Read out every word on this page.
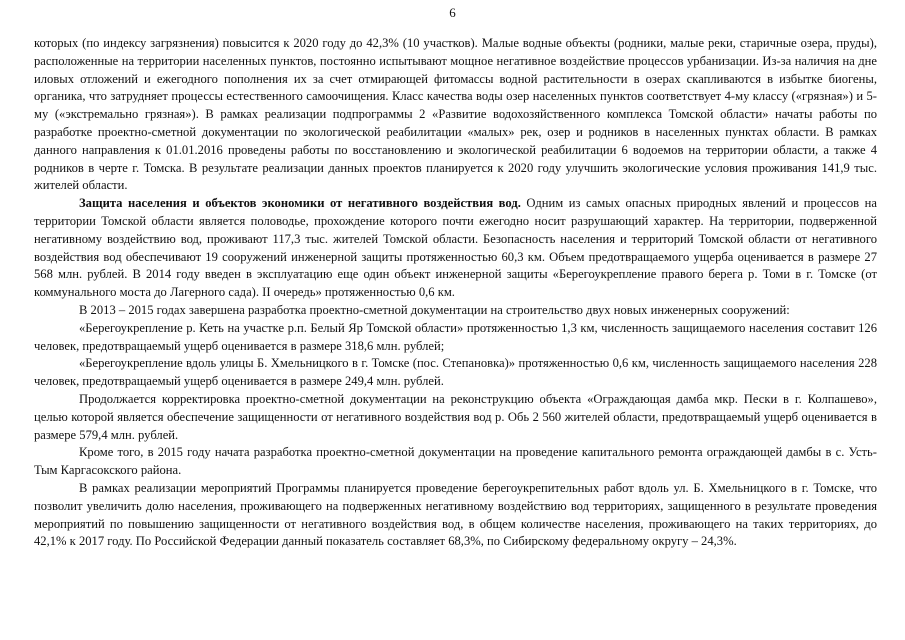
6

которых (по индексу загрязнения) повысится к 2020 году до 42,3% (10 участков). Малые водные объекты (родники, малые реки, старичные озера, пруды), расположенные на территории населенных пунктов, постоянно испытывают мощное негативное воздействие процессов урбанизации. Из-за наличия на дне иловых отложений и ежегодного пополнения их за счет отмирающей фитомассы водной растительности в озерах скапливаются в избытке биогены, органика, что затрудняет процессы естественного самоочищения. Класс качества воды озер населенных пунктов соответствует 4-му классу («грязная») и 5-му («экстремально грязная»). В рамках реализации подпрограммы 2 «Развитие водохозяйственного комплекса Томской области» начаты работы по разработке проектно-сметной документации по экологической реабилитации «малых» рек, озер и родников в населенных пунктах области. В рамках данного направления к 01.01.2016 проведены работы по восстановлению и экологической реабилитации 6 водоемов на территории области, а также 4 родников в черте г. Томска. В результате реализации данных проектов планируется к 2020 году улучшить экологические условия проживания 141,9 тыс. жителей области.

Защита населения и объектов экономики от негативного воздействия вод. Одним из самых опасных природных явлений и процессов на территории Томской области является половодье, прохождение которого почти ежегодно носит разрушающий характер. На территории, подверженной негативному воздействию вод, проживают 117,3 тыс. жителей Томской области. Безопасность населения и территорий Томской области от негативного воздействия вод обеспечивают 19 сооружений инженерной защиты протяженностью 60,3 км. Объем предотвращаемого ущерба оценивается в размере 27 568 млн. рублей. В 2014 году введен в эксплуатацию еще один объект инженерной защиты «Берегоукрепление правого берега р. Томи в г. Томске (от коммунального моста до Лагерного сада). II очередь» протяженностью 0,6 км.

В 2013 – 2015 годах завершена разработка проектно-сметной документации на строительство двух новых инженерных сооружений:

«Берегоукрепление р. Кеть на участке р.п. Белый Яр Томской области» протяженностью 1,3 км, численность защищаемого населения составит 126 человек, предотвращаемый ущерб оценивается в размере 318,6 млн. рублей;

«Берегоукрепление вдоль улицы Б. Хмельницкого в г. Томске (пос. Степановка)» протяженностью 0,6 км, численность защищаемого населения 228 человек, предотвращаемый ущерб оценивается в размере 249,4 млн. рублей.

Продолжается корректировка проектно-сметной документации на реконструкцию объекта «Ограждающая дамба мкр. Пески в г. Колпашево», целью которой является обеспечение защищенности от негативного воздействия вод р. Обь 2 560 жителей области, предотвращаемый ущерб оценивается в размере 579,4 млн. рублей.

Кроме того, в 2015 году начата разработка проектно-сметной документации на проведение капитального ремонта ограждающей дамбы в с. Усть-Тым Каргасокского района.

В рамках реализации мероприятий Программы планируется проведение берегоукрепительных работ вдоль ул. Б. Хмельницкого в г. Томске, что позволит увеличить долю населения, проживающего на подверженных негативному воздействию вод территориях, защищенного в результате проведения мероприятий по повышению защищенности от негативного воздействия вод, в общем количестве населения, проживающего на таких территориях, до 42,1% к 2017 году. По Российской Федерации данный показатель составляет 68,3%, по Сибирскому федеральному округу – 24,3%.
